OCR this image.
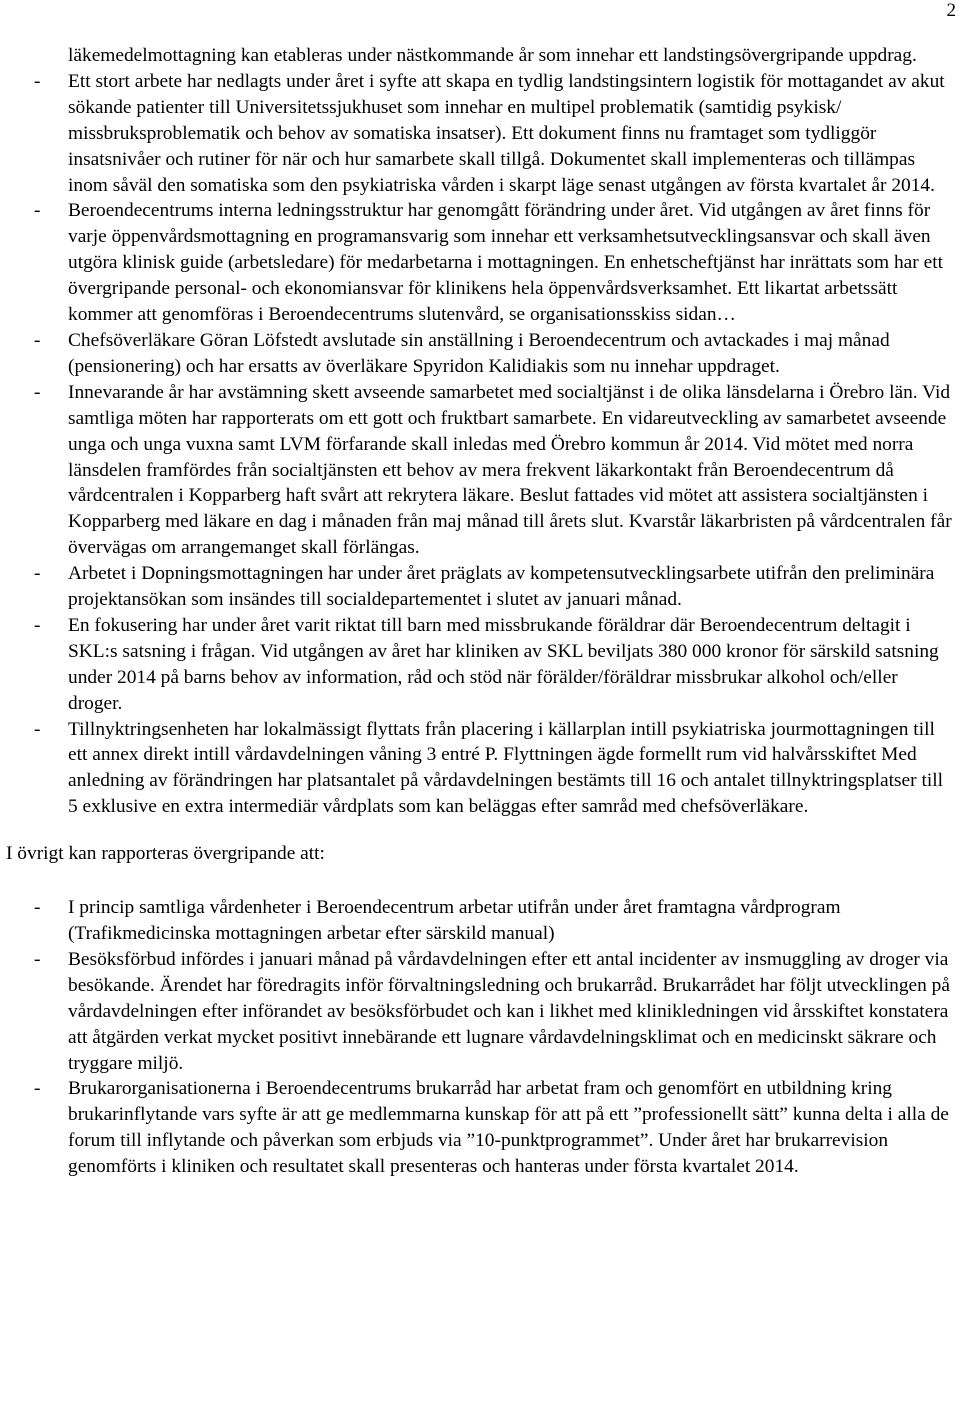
2

läkemedelmottagning kan etableras under nästkommande år som innehar ett landstingsövergripande uppdrag.

- Ett stort arbete har nedlagts under året i syfte att skapa en tydlig landstingsintern logistik för mottagandet av akut sökande patienter till Universitetssjukhuset som innehar en multipel problematik (samtidig psykisk/ missbruksproblematik och behov av somatiska insatser). Ett dokument finns nu framtaget som tydliggör insatsnivåer och rutiner för när och hur samarbete skall tillgå. Dokumentet skall implementeras och tillämpas inom såväl den somatiska som den psykiatriska vården i skarpt läge senast utgången av första kvartalet år 2014.
- Beroendecentrums interna ledningsstruktur har genomgått förändring under året. Vid utgången av året finns för varje öppenvårdsmottagning en programansvarig som innehar ett verksamhetsutvecklingsansvar och skall även utgöra klinisk guide (arbetsledare) för medarbetarna i mottagningen. En enhetscheftjänst har inrättats som har ett övergripande personal- och ekonomiansvar för klinikens hela öppenvårdsverksamhet. Ett likartat arbetssätt kommer att genomföras i Beroendecentrums slutenvård, se organisationsskiss sidan…
- Chefsöverläkare Göran Löfstedt avslutade sin anställning i Beroendecentrum och avtackades i maj månad (pensionering) och har ersatts av överläkare Spyridon Kalidiakis som nu innehar uppdraget.
- Innevarande år har avstämning skett avseende samarbetet med socialtjänst i de olika länsdelarna i Örebro län. Vid samtliga möten har rapporterats om ett gott och fruktbart samarbete. En vidareutveckling av samarbetet avseende unga och unga vuxna samt LVM förfarande skall inledas med Örebro kommun år 2014. Vid mötet med norra länsdelen framfördes från socialtjänsten ett behov av mera frekvent läkarkontakt från Beroendecentrum då vårdcentralen i Kopparberg haft svårt att rekrytera läkare. Beslut fattades vid mötet att assistera socialtjänsten i Kopparberg med läkare en dag i månaden från maj månad till årets slut. Kvarstår läkarbristen på vårdcentralen får övervägas om arrangemanget skall förlängas.
- Arbetet i Dopningsmottagningen har under året präglats av kompetensutvecklingsarbete utifrån den preliminära projektansökan som insändes till socialdepartementet i slutet av januari månad.
- En fokusering har under året varit riktat till barn med missbrukande föräldrar där Beroendecentrum deltagit i SKL:s satsning i frågan. Vid utgången av året har kliniken av SKL beviljats 380 000 kronor för särskild satsning under 2014 på barns behov av information, råd och stöd när förälder/föräldrar missbrukar alkohol och/eller droger.
- Tillnyktringsenheten har lokalmässigt flyttats från placering i källarplan intill psykiatriska jourmottagningen till ett annex direkt intill vårdavdelningen våning 3 entré P. Flyttningen ägde formellt rum vid halvårsskiftet Med anledning av förändringen har platsantalet på vårdavdelningen bestämts till 16 och antalet tillnyktringsplatser till 5 exklusive en extra intermediär vårdplats som kan beläggas efter samråd med chefsöverläkare.

I övrigt kan rapporteras övergripande att:

- I princip samtliga vårdenheter i Beroendecentrum arbetar utifrån under året framtagna vårdprogram (Trafikmedicinska mottagningen arbetar efter särskild manual)
- Besöksförbud infördes i januari månad på vårdavdelningen efter ett antal incidenter av insmuggling av droger via besökande. Ärendet har föredragits inför förvaltningsledning och brukarråd. Brukarrådet har följt utvecklingen på vårdavdelningen efter införandet av besöksförbudet och kan i likhet med klinikledningen vid årsskiftet konstatera att åtgärden verkat mycket positivt innebärande ett lugnare vårdavdelningsklimat och en medicinskt säkrare och tryggare miljö.
- Brukarorganisationerna i Beroendecentrums brukarråd har arbetat fram och genomfört en utbildning kring brukarinflytande vars syfte är att ge medlemmarna kunskap för att på ett ”professionellt sätt” kunna delta i alla de forum till inflytande och påverkan som erbjuds via ”10-punktprogrammet”. Under året har brukarrevision genomförts i kliniken och resultatet skall presenteras och hanteras under första kvartalet 2014.
